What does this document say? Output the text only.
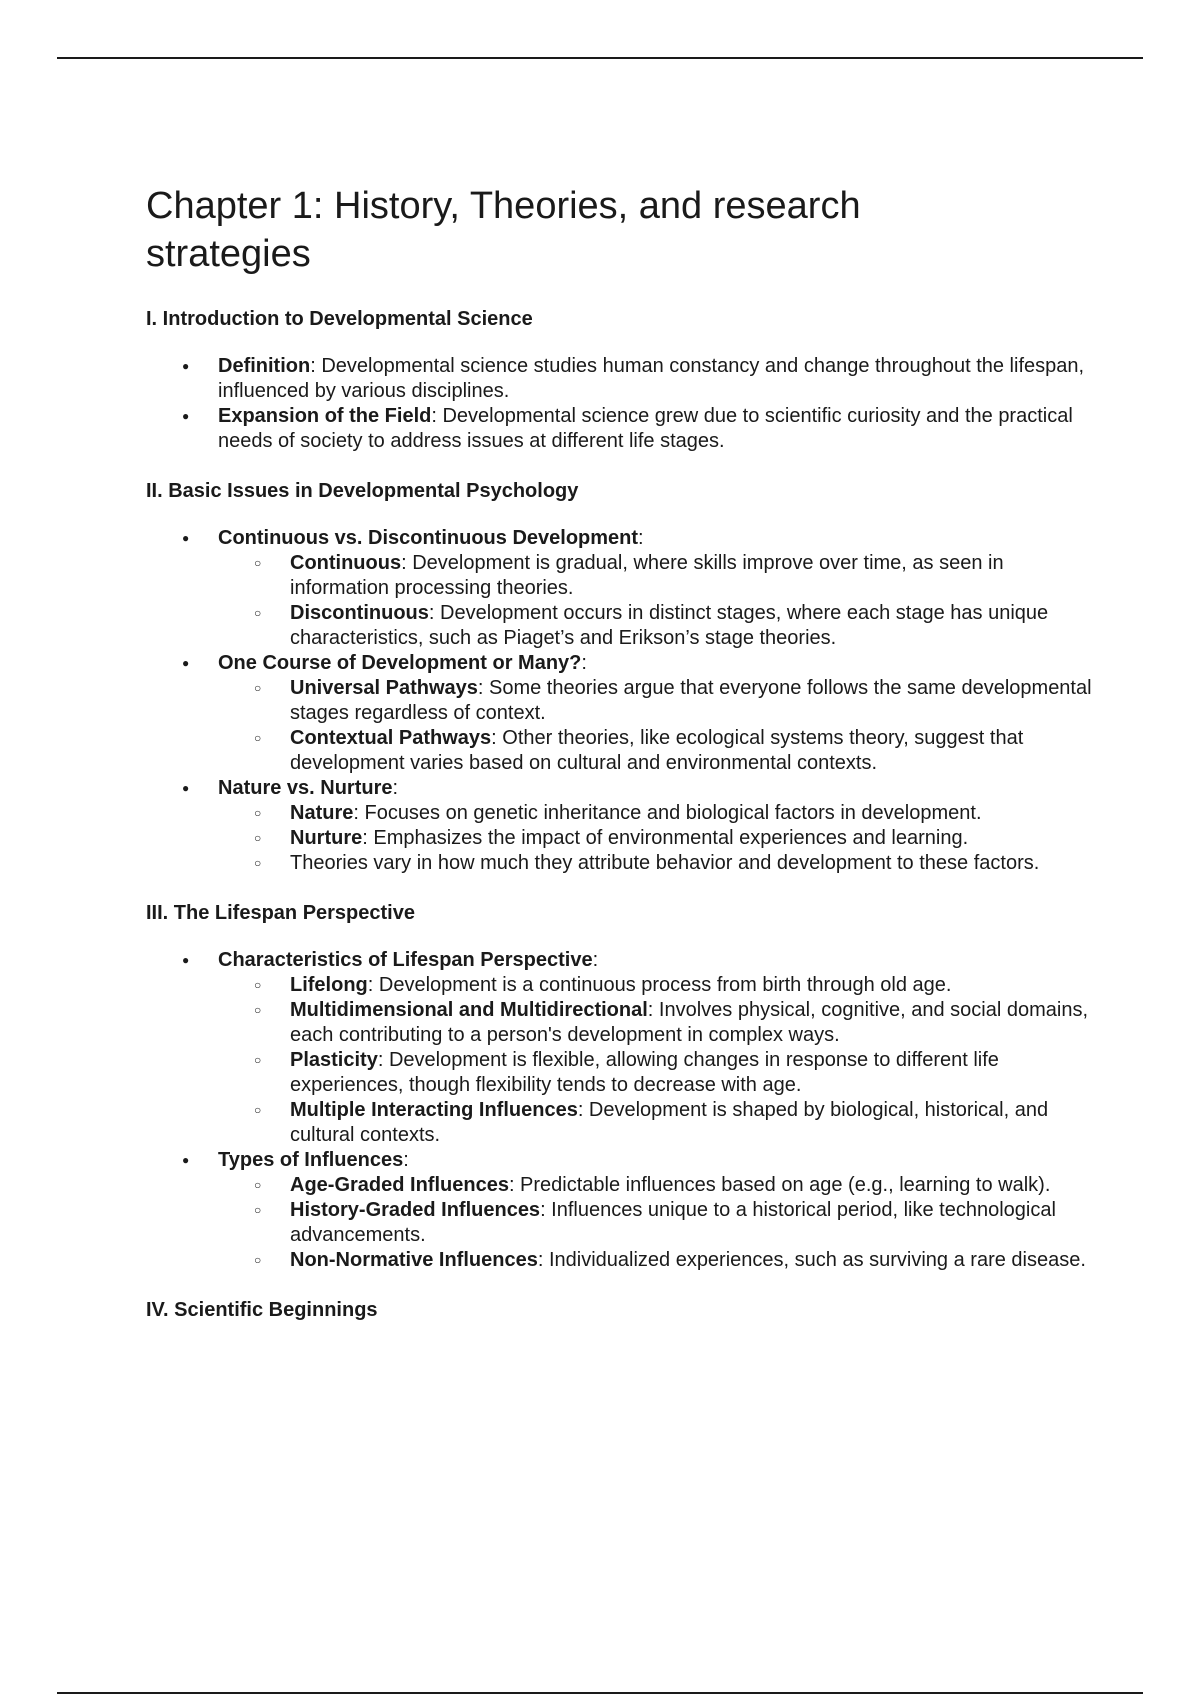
Chapter 1: History, Theories, and research strategies
I. Introduction to Developmental Science
● Definition: Developmental science studies human constancy and change throughout the lifespan, influenced by various disciplines.
● Expansion of the Field: Developmental science grew due to scientific curiosity and the practical needs of society to address issues at different life stages.
II. Basic Issues in Developmental Psychology
● Continuous vs. Discontinuous Development:
○ Continuous: Development is gradual, where skills improve over time, as seen in information processing theories.
○ Discontinuous: Development occurs in distinct stages, where each stage has unique characteristics, such as Piaget’s and Erikson’s stage theories.
● One Course of Development or Many?:
○ Universal Pathways: Some theories argue that everyone follows the same developmental stages regardless of context.
○ Contextual Pathways: Other theories, like ecological systems theory, suggest that development varies based on cultural and environmental contexts.
● Nature vs. Nurture:
○ Nature: Focuses on genetic inheritance and biological factors in development.
○ Nurture: Emphasizes the impact of environmental experiences and learning.
○ Theories vary in how much they attribute behavior and development to these factors.
III. The Lifespan Perspective
● Characteristics of Lifespan Perspective:
○ Lifelong: Development is a continuous process from birth through old age.
○ Multidimensional and Multidirectional: Involves physical, cognitive, and social domains, each contributing to a person's development in complex ways.
○ Plasticity: Development is flexible, allowing changes in response to different life experiences, though flexibility tends to decrease with age.
○ Multiple Interacting Influences: Development is shaped by biological, historical, and cultural contexts.
● Types of Influences:
○ Age-Graded Influences: Predictable influences based on age (e.g., learning to walk).
○ History-Graded Influences: Influences unique to a historical period, like technological advancements.
○ Non-Normative Influences: Individualized experiences, such as surviving a rare disease.
IV. Scientific Beginnings
